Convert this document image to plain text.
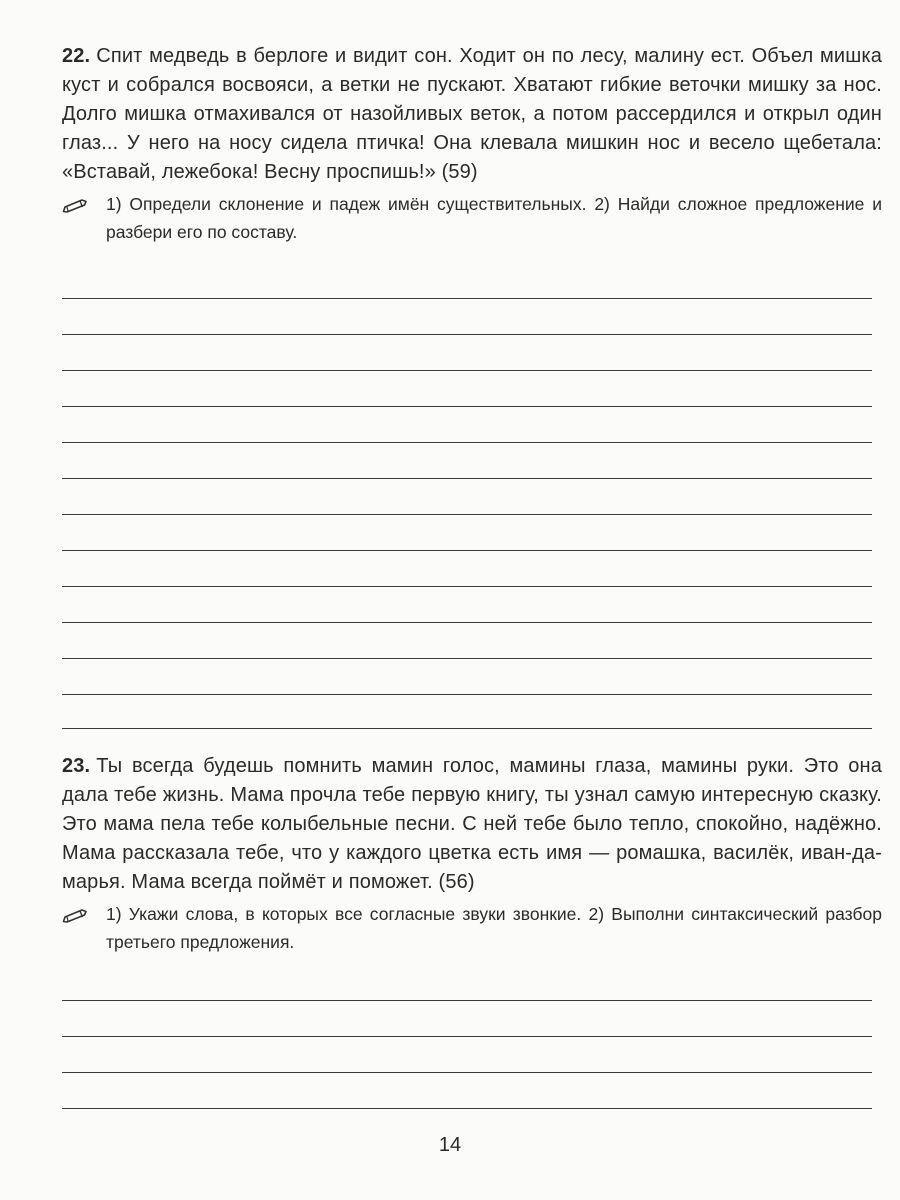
22. Спит медведь в берлоге и видит сон. Ходит он по лесу, малину ест. Объел мишка куст и собрался восвояси, а ветки не пускают. Хватают гибкие веточки мишку за нос. Долго мишка отмахивался от назойливых веток, а потом рассердился и открыл один глаз... У него на носу сидела птичка! Она клевала мишкин нос и весело щебетала: «Вставай, лежебока! Весну проспишь!» (59)

1) Определи склонение и падеж имён существительных. 2) Найди сложное предложение и разбери его по составу.

23. Ты всегда будешь помнить мамин голос, мамины глаза, мамины руки. Это она дала тебе жизнь. Мама прочла тебе первую книгу, ты узнал самую интересную сказку. Это мама пела тебе колыбельные песни. С ней тебе было тепло, спокойно, надёжно. Мама рассказала тебе, что у каждого цветка есть имя — ромашка, василёк, иван-да-марья. Мама всегда поймёт и поможет. (56)

1) Укажи слова, в которых все согласные звуки звонкие. 2) Выполни синтаксический разбор третьего предложения.
14
